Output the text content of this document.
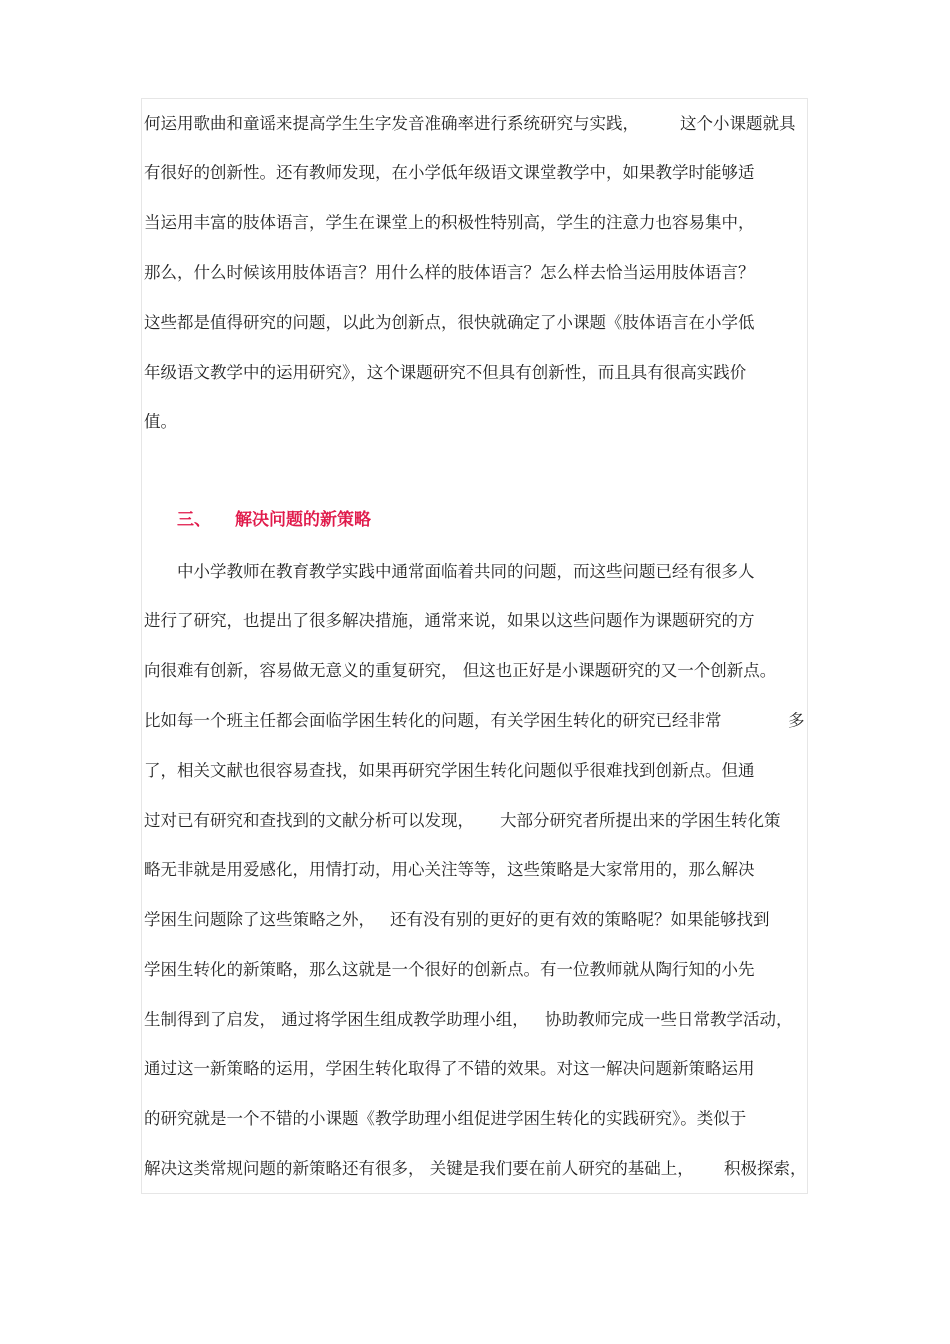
何运用歌曲和童谣来提高学生生字发音准确率进行系统研究与实践， 这个小课题就具
有很好的创新性。还有教师发现，在小学低年级语文课堂教学中，如果教学时能够适
当运用丰富的肢体语言，学生在课堂上的积极性特别高，学生的注意力也容易集中，
那么，什么时候该用肢体语言？用什么样的肢体语言？怎么样去恰当运用肢体语言？
这些都是值得研究的问题，以此为创新点，很快就确定了小课题《肢体语言在小学低
年级语文教学中的运用研究》，这个课题研究不但具有创新性，而且具有很高实践价
值。
三、 解决问题的新策略
中小学教师在教育教学实践中通常面临着共同的问题，而这些问题已经有很多人
进行了研究，也提出了很多解决措施，通常来说，如果以这些问题作为课题研究的方
向很难有创新，容易做无意义的重复研究， 但这也正好是小课题研究的又一个创新点。
比如每一个班主任都会面临学困生转化的问题，有关学困生转化的研究已经非常	多
了，相关文献也很容易查找，如果再研究学困生转化问题似乎很难找到创新点。但通
过对已有研究和查找到的文献分析可以发现， 大部分研究者所提出来的学困生转化策
略无非就是用爱感化，用情打动，用心关注等等，这些策略是大家常用的，那么解决
学困生问题除了这些策略之外， 还有没有别的更好的更有效的策略呢？如果能够找到
学困生转化的新策略，那么这就是一个很好的创新点。有一位教师就从陶行知的小先
生制得到了启发， 通过将学困生组成教学助理小组， 协助教师完成一些日常教学活动，
通过这一新策略的运用，学困生转化取得了不错的效果。对这一解决问题新策略运用
的研究就是一个不错的小课题《教学助理小组促进学困生转化的实践研究》。类似于
解决这类常规问题的新策略还有很多， 关键是我们要在前人研究的基础上， 积极探索，
